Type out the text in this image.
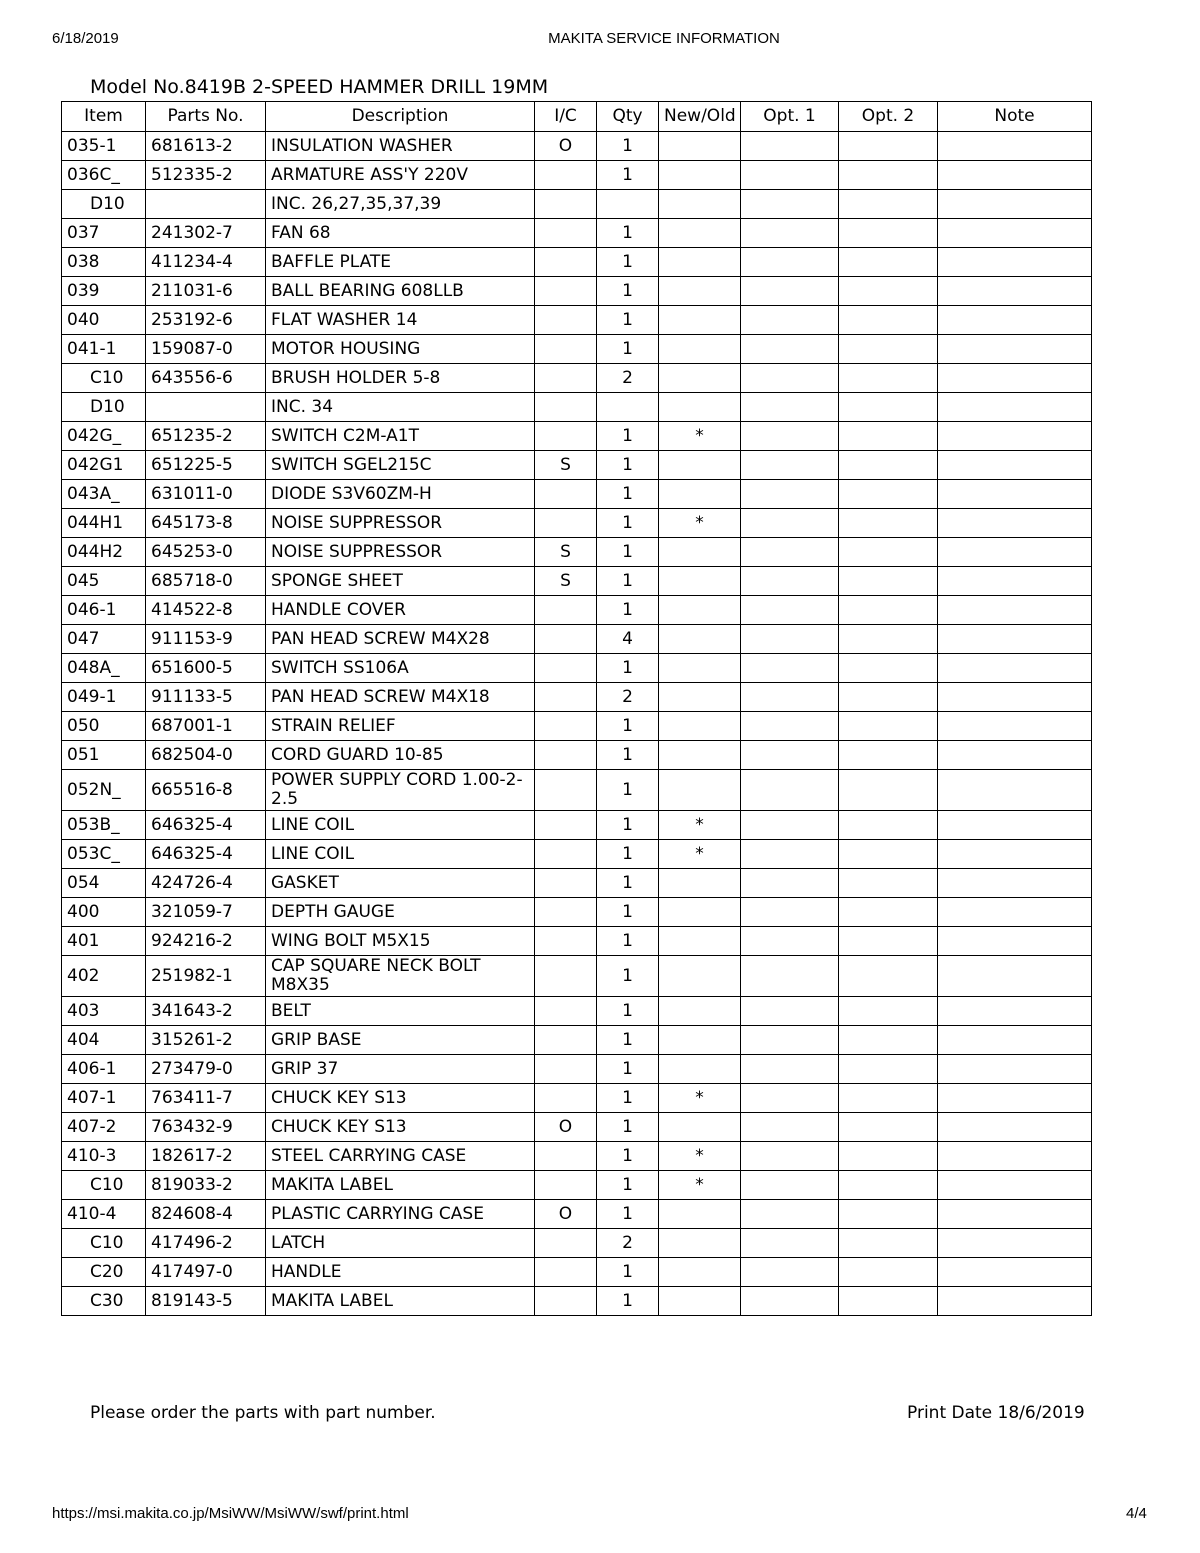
6/18/2019	MAKITA SERVICE INFORMATION
Model No.8419B 2-SPEED HAMMER DRILL 19MM
Item	Parts No.	Description	I/C	Qty	New/Old	Opt. 1	Opt. 2	Note
035-1	681613-2	INSULATION WASHER	O	1				
036C_	512335-2	ARMATURE ASS'Y 220V		1				
D10		INC. 26,27,35,37,39						
037	241302-7	FAN 68		1				
038	411234-4	BAFFLE PLATE		1				
039	211031-6	BALL BEARING 608LLB		1				
040	253192-6	FLAT WASHER 14		1				
041-1	159087-0	MOTOR HOUSING		1				
C10	643556-6	BRUSH HOLDER 5-8		2				
D10		INC. 34						
042G_	651235-2	SWITCH C2M-A1T		1	*			
042G1	651225-5	SWITCH SGEL215C	S	1				
043A_	631011-0	DIODE S3V60ZM-H		1				
044H1	645173-8	NOISE SUPPRESSOR		1	*			
044H2	645253-0	NOISE SUPPRESSOR	S	1				
045	685718-0	SPONGE SHEET	S	1				
046-1	414522-8	HANDLE COVER		1				
047	911153-9	PAN HEAD SCREW M4X28		4				
048A_	651600-5	SWITCH SS106A		1				
049-1	911133-5	PAN HEAD SCREW M4X18		2				
050	687001-1	STRAIN RELIEF		1				
051	682504-0	CORD GUARD 10-85		1				
052N_	665516-8	POWER SUPPLY CORD 1.00-2-2.5		1				
053B_	646325-4	LINE COIL		1	*			
053C_	646325-4	LINE COIL		1	*			
054	424726-4	GASKET		1				
400	321059-7	DEPTH GAUGE		1				
401	924216-2	WING BOLT M5X15		1				
402	251982-1	CAP SQUARE NECK BOLT M8X35		1				
403	341643-2	BELT		1				
404	315261-2	GRIP BASE		1				
406-1	273479-0	GRIP 37		1				
407-1	763411-7	CHUCK KEY S13		1	*			
407-2	763432-9	CHUCK KEY S13	O	1				
410-3	182617-2	STEEL CARRYING CASE		1	*			
C10	819033-2	MAKITA LABEL		1	*			
410-4	824608-4	PLASTIC CARRYING CASE	O	1				
C10	417496-2	LATCH		2				
C20	417497-0	HANDLE		1				
C30	819143-5	MAKITA LABEL		1				
Please order the parts with part number.	Print Date 18/6/2019
https://msi.makita.co.jp/MsiWW/MsiWW/swf/print.html	4/4
